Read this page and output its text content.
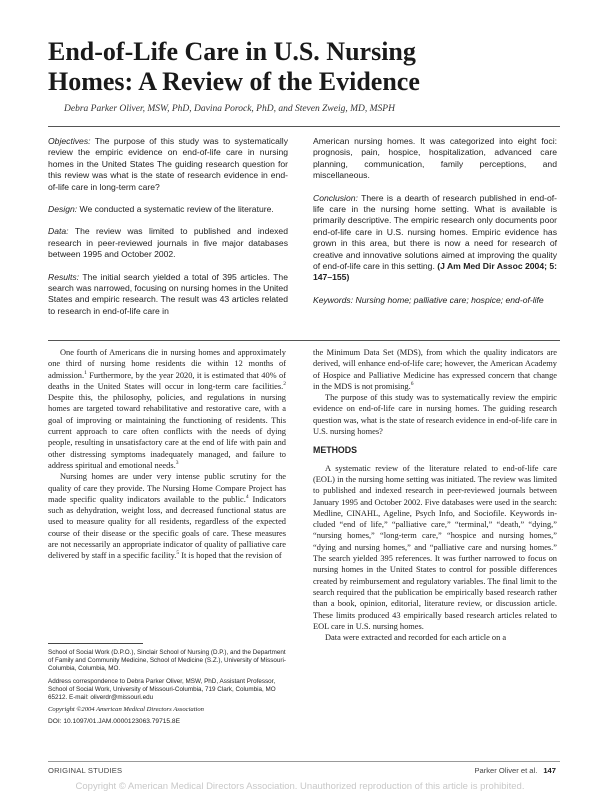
End-of-Life Care in U.S. Nursing
Homes: A Review of the Evidence
Debra Parker Oliver, MSW, PhD, Davina Porock, PhD, and Steven Zweig, MD, MSPH

Objectives: The purpose of this study was to systematically review the empiric evidence on end-of-life care in nursing homes in the United States The guiding research question for this review was what is the state of research evidence in end-of-life care in long-term care?

Design: We conducted a systematic review of the literature.

Data: The review was limited to published and indexed research in peer-reviewed journals in five major databases between 1995 and October 2002.

Results: The initial search yielded a total of 395 articles. The search was narrowed, focusing on nursing homes in the United States and empiric research. The result was 43 articles related to research in end-of-life care in

American nursing homes. It was categorized into eight foci: prognosis, pain, hospice, hospitalization, advanced care planning, communication, family perceptions, and miscellaneous.

Conclusion: There is a dearth of research published in end-of-life care in the nursing home setting. What is available is primarily descriptive. The empiric research only documents poor end-of-life care in U.S. nursing homes. Empiric evidence has grown in this area, but there is now a need for research of creative and innovative solutions aimed at improving the quality of end-of-life care in this setting. (J Am Med Dir Assoc 2004; 5: 147–155)

Keywords: Nursing home; palliative care; hospice; end-of-life

One fourth of Americans die in nursing homes and approximately one third of nursing home residents die within 12 months of admission.$^1$ Furthermore, by the year 2020, it is estimated that 40% of deaths in the United States will occur in long-term care facilities.$^2$ Despite this, the philosophy, policies, and regulations in nursing homes are targeted toward rehabilitative and restorative care, with a goal of improving or maintaining the functioning of residents. This current approach to care often conflicts with the needs of dying people, resulting in unsatisfactory care at the end of life with pain and other distressing symptoms inadequately managed, and failure to address spiritual and emotional needs.$^3$

Nursing homes are under very intense public scrutiny for the quality of care they provide. The Nursing Home Compare Project has made specific quality indicators available to the public.$^4$ Indicators such as dehydration, weight loss, and decreased functional status are used to measure quality for all residents, regardless of the expected course of their disease or the specific goals of care. These measures are not necessarily an appropriate indicator of quality of palliative care delivered by staff in a specific facility.$^5$ It is hoped that the revision of

School of Social Work (D.P.O.), Sinclair School of Nursing (D.P.), and the Department of Family and Community Medicine, School of Medicine (S.Z.), University of Missouri-Columbia, Columbia, MO.

Address correspondence to Debra Parker Oliver, MSW, PhD, Assistant Professor, School of Social Work, University of Missouri-Columbia, 719 Clark, Columbia, MO 65212. E-mail: oliverdr@missouri.edu

Copyright ©2004 American Medical Directors Association

DOI: 10.1097/01.JAM.0000123063.79715.8E

the Minimum Data Set (MDS), from which the quality indicators are derived, will enhance end-of-life care; however, the American Academy of Hospice and Palliative Medicine has expressed concern that change in the MDS is not promising.$^6$

The purpose of this study was to systematically review the empiric evidence on end-of-life care in nursing homes. The guiding research question was, what is the state of research evidence in end-of-life care in U.S. nursing homes?

METHODS

A systematic review of the literature related to end-of-life care (EOL) in the nursing home setting was initiated. The review was limited to published and indexed research in peer-reviewed journals between January 1995 and October 2002. Five databases were used in the search: Medline, CINAHL, Ageline, Psych Info, and Sociofile. Keywords included “end of life,” “palliative care,” “terminal,” “death,” “dying,” “nursing homes,” “long-term care,” “hospice and nursing homes,” “dying and nursing homes,” and “palliative care and nursing homes.” The search yielded 395 references. It was further narrowed to focus on nursing homes in the United States to control for possible differences created by reimbursement and regulatory variables. The final limit to the search required that the publication be empirically based research rather than a book, opinion, editorial, literature review, or discussion article. These limits produced 43 empirically based research articles related to EOL care in U.S. nursing homes.

Data were extracted and recorded for each article on a

ORIGINAL STUDIES	Parker Oliver et al. 147
Copyright © American Medical Directors Association. Unauthorized reproduction of this article is prohibited.
